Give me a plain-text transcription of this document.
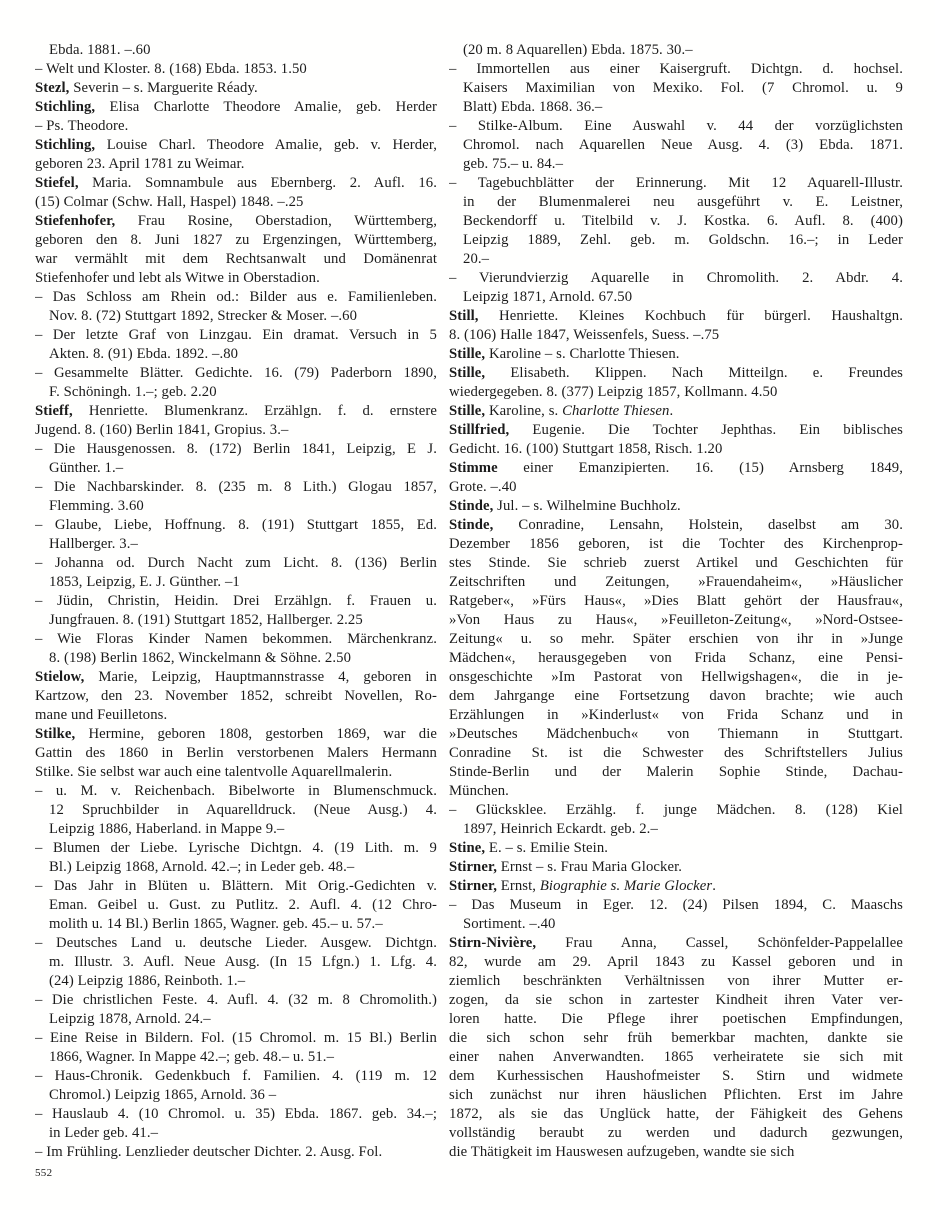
Ebda. 1881. –.60
– Welt und Kloster. 8. (168) Ebda. 1853. 1.50
Stezl, Severin – s. Marguerite Réady.
Stichling, Elisa Charlotte Theodore Amalie, geb. Herder
– Ps. Theodore.
Stichling, Louise Charl. Theodore Amalie, geb. v. Herder,
geboren 23. April 1781 zu Weimar.
Stiefel, Maria. Somnambule aus Ebernberg. 2. Aufl. 16.
(15) Colmar (Schw. Hall, Haspel) 1848. –.25
Stiefenhofer, Frau Rosine, Oberstadion, Württemberg,
geboren den 8. Juni 1827 zu Ergenzingen, Württemberg,
war vermählt mit dem Rechtsanwalt und Domänenrat
Stiefenhofer und lebt als Witwe in Oberstadion.
– Das Schloss am Rhein od.: Bilder aus e. Familienleben.
Nov. 8. (72) Stuttgart 1892, Strecker & Moser. –.60
– Der letzte Graf von Linzgau. Ein dramat. Versuch in 5
Akten. 8. (91) Ebda. 1892. –.80
– Gesammelte Blätter. Gedichte. 16. (79) Paderborn 1890,
F. Schöningh. 1.–; geb. 2.20
Stieff, Henriette. Blumenkranz. Erzählgn. f. d. ernstere
Jugend. 8. (160) Berlin 1841, Gropius. 3.–
– Die Hausgenossen. 8. (172) Berlin 1841, Leipzig, E J.
Günther. 1.–
– Die Nachbarskinder. 8. (235 m. 8 Lith.) Glogau 1857,
Flemming. 3.60
– Glaube, Liebe, Hoffnung. 8. (191) Stuttgart 1855, Ed.
Hallberger. 3.–
– Johanna od. Durch Nacht zum Licht. 8. (136) Berlin
1853, Leipzig, E. J. Günther. –1
– Jüdin, Christin, Heidin. Drei Erzählgn. f. Frauen u.
Jungfrauen. 8. (191) Stuttgart 1852, Hallberger. 2.25
– Wie Floras Kinder Namen bekommen. Märchenkranz.
8. (198) Berlin 1862, Winckelmann & Söhne. 2.50
Stielow, Marie, Leipzig, Hauptmannstrasse 4, geboren in
Kartzow, den 23. November 1852, schreibt Novellen, Ro-
mane und Feuilletons.
Stilke, Hermine, geboren 1808, gestorben 1869, war die
Gattin des 1860 in Berlin verstorbenen Malers Hermann
Stilke. Sie selbst war auch eine talentvolle Aquarellmalerin.
– u. M. v. Reichenbach. Bibelworte in Blumenschmuck.
12 Spruchbilder in Aquarelldruck. (Neue Ausg.) 4.
Leipzig 1886, Haberland. in Mappe 9.–
– Blumen der Liebe. Lyrische Dichtgn. 4. (19 Lith. m. 9
Bl.) Leipzig 1868, Arnold. 42.–; in Leder geb. 48.–
– Das Jahr in Blüten u. Blättern. Mit Orig.-Gedichten v.
Eman. Geibel u. Gust. zu Putlitz. 2. Aufl. 4. (12 Chro-
molith u. 14 Bl.) Berlin 1865, Wagner. geb. 45.– u. 57.–
– Deutsches Land u. deutsche Lieder. Ausgew. Dichtgn.
m. Illustr. 3. Aufl. Neue Ausg. (In 15 Lfgn.) 1. Lfg. 4.
(24) Leipzig 1886, Reinboth. 1.–
– Die christlichen Feste. 4. Aufl. 4. (32 m. 8 Chromolith.)
Leipzig 1878, Arnold. 24.–
– Eine Reise in Bildern. Fol. (15 Chromol. m. 15 Bl.) Berlin
1866, Wagner. In Mappe 42.–; geb. 48.– u. 51.–
– Haus-Chronik. Gedenkbuch f. Familien. 4. (119 m. 12
Chromol.) Leipzig 1865, Arnold. 36 –
– Hauslaub 4. (10 Chromol. u. 35) Ebda. 1867. geb. 34.–;
in Leder geb. 41.–
– Im Frühling. Lenzlieder deutscher Dichter. 2. Ausg. Fol.
(20 m. 8 Aquarellen) Ebda. 1875. 30.–
– Immortellen aus einer Kaisergruft. Dichtgn. d. hochsel.
Kaisers Maximilian von Mexiko. Fol. (7 Chromol. u. 9
Blatt) Ebda. 1868. 36.–
– Stilke-Album. Eine Auswahl v. 44 der vorzüglichsten
Chromol. nach Aquarellen Neue Ausg. 4. (3) Ebda. 1871.
geb. 75.– u. 84.–
– Tagebuchblätter der Erinnerung. Mit 12 Aquarell-Illustr.
in der Blumenmalerei neu ausgeführt v. E. Leistner,
Beckendorff u. Titelbild v. J. Kostka. 6. Aufl. 8. (400)
Leipzig 1889, Zehl. geb. m. Goldschn. 16.–; in Leder
20.–
– Vierundvierzig Aquarelle in Chromolith. 2. Abdr. 4.
Leipzig 1871, Arnold. 67.50
Still, Henriette. Kleines Kochbuch für bürgerl. Haushaltgn.
8. (106) Halle 1847, Weissenfels, Suess. –.75
Stille, Karoline – s. Charlotte Thiesen.
Stille, Elisabeth. Klippen. Nach Mitteilgn. e. Freundes
wiedergegeben. 8. (377) Leipzig 1857, Kollmann. 4.50
Stille, Karoline, s. Charlotte Thiesen.
Stillfried, Eugenie. Die Tochter Jephthas. Ein biblisches
Gedicht. 16. (100) Stuttgart 1858, Risch. 1.20
Stimme einer Emanzipierten. 16. (15) Arnsberg 1849,
Grote. –.40
Stinde, Jul. – s. Wilhelmine Buchholz.
Stinde, Conradine, Lensahn, Holstein, daselbst am 30.
Dezember 1856 geboren, ist die Tochter des Kirchenprop-
stes Stinde. Sie schrieb zuerst Artikel und Geschichten für
Zeitschriften und Zeitungen, »Frauendaheim«, »Häuslicher
Ratgeber«, »Fürs Haus«, »Dies Blatt gehört der Hausfrau«,
»Von Haus zu Haus«, »Feuilleton-Zeitung«, »Nord-Ostsee-
Zeitung« u. so mehr. Später erschien von ihr in »Junge
Mädchen«, herausgegeben von Frida Schanz, eine Pensi-
onsgeschichte »Im Pastorat von Hellwigshagen«, die in je-
dem Jahrgange eine Fortsetzung davon brachte; wie auch
Erzählungen in »Kinderlust« von Frida Schanz und in
»Deutsches Mädchenbuch« von Thiemann in Stuttgart.
Conradine St. ist die Schwester des Schriftstellers Julius
Stinde-Berlin und der Malerin Sophie Stinde, Dachau-
München.
– Glücksklee. Erzählg. f. junge Mädchen. 8. (128) Kiel
1897, Heinrich Eckardt. geb. 2.–
Stine, E. – s. Emilie Stein.
Stirner, Ernst – s. Frau Maria Glocker.
Stirner, Ernst, Biographie s. Marie Glocker.
– Das Museum in Eger. 12. (24) Pilsen 1894, C. Maaschs
Sortiment. –.40
Stirn-Nivière, Frau Anna, Cassel, Schönfelder-Pappelallee
82, wurde am 29. April 1843 zu Kassel geboren und in
ziemlich beschränkten Verhältnissen von ihrer Mutter er-
zogen, da sie schon in zartester Kindheit ihren Vater ver-
loren hatte. Die Pflege ihrer poetischen Empfindungen,
die sich schon sehr früh bemerkbar machten, dankte sie
einer nahen Anverwandten. 1865 verheiratete sie sich mit
dem Kurhessischen Haushofmeister S. Stirn und widmete
sich zunächst nur ihren häuslichen Pflichten. Erst im Jahre
1872, als sie das Unglück hatte, der Fähigkeit des Gehens
vollständig beraubt zu werden und dadurch gezwungen,
die Thätigkeit im Hauswesen aufzugeben, wandte sie sich
552
